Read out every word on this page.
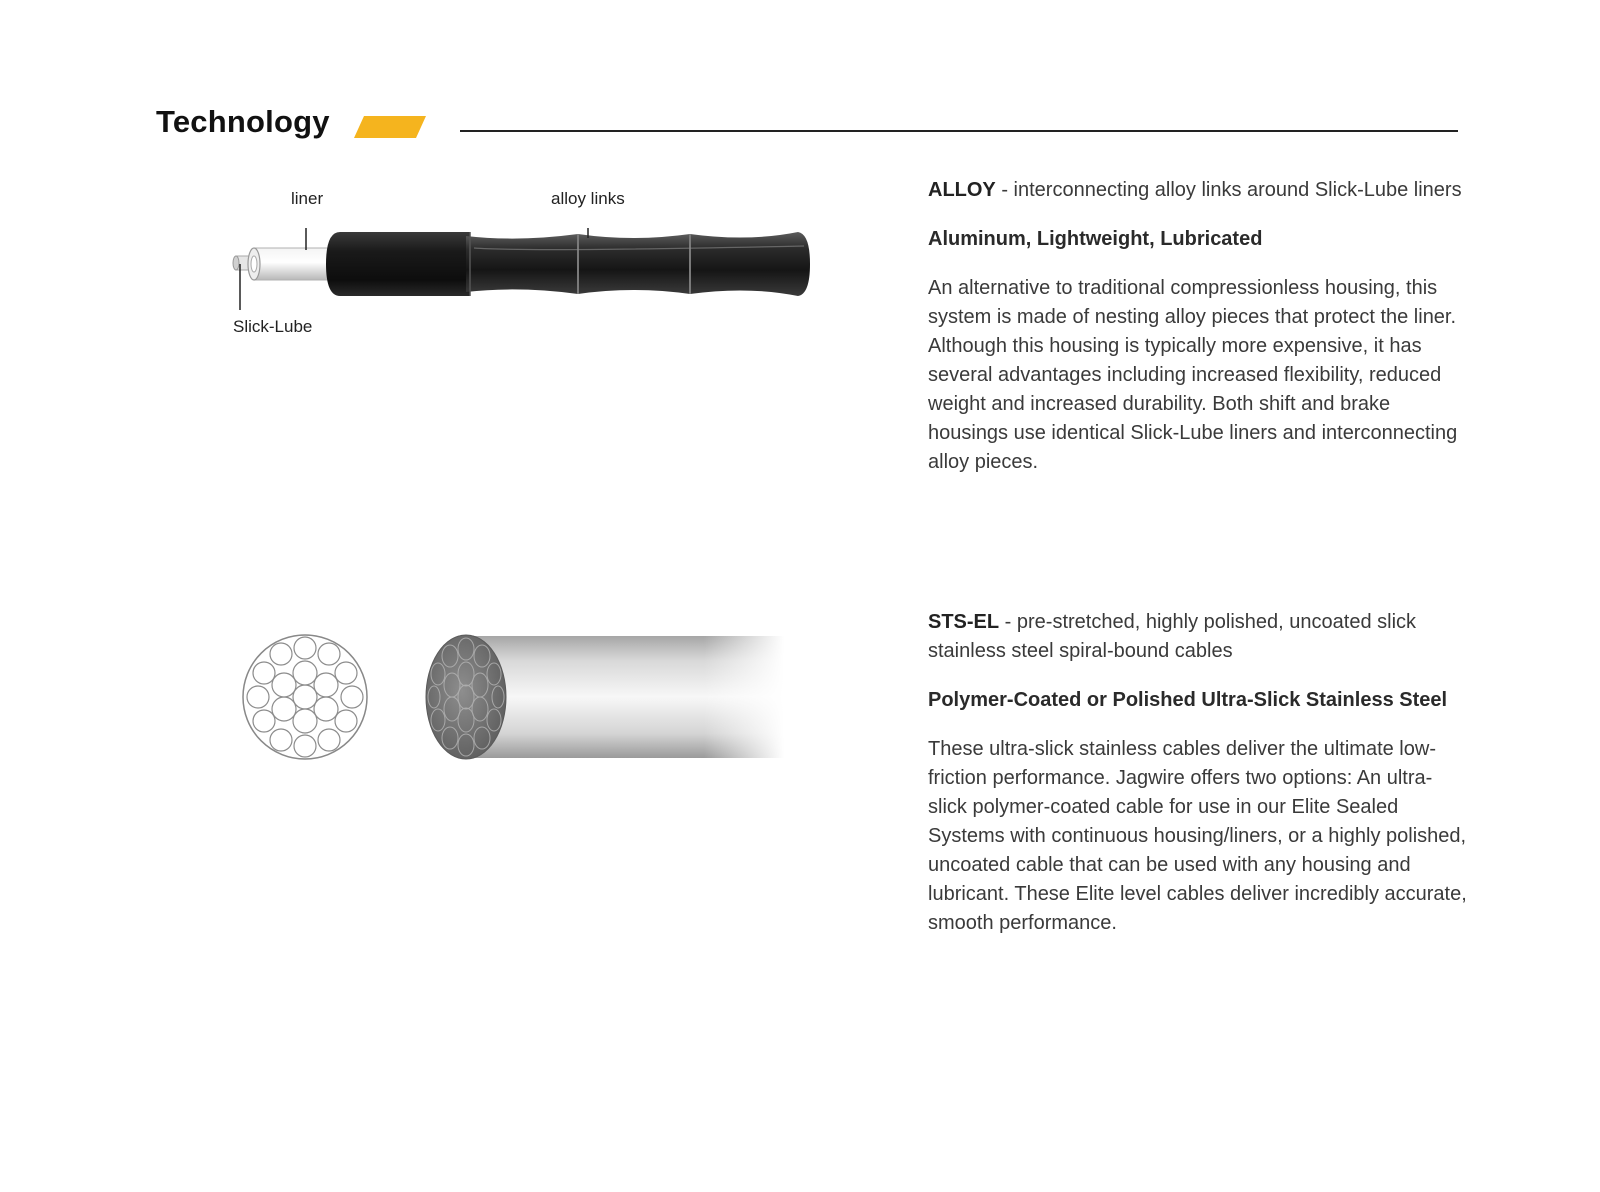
Technology
liner	alloy links
Slick-Lube

ALLOY - interconnecting alloy links around Slick-Lube liners

Aluminum, Lightweight, Lubricated

An alternative to traditional compressionless housing, this system is made of nesting alloy pieces that protect the liner. Although this housing is typically more expensive, it has several advantages including increased flexibility, reduced weight and increased durability. Both shift and brake housings use identical Slick-Lube liners and interconnecting alloy pieces.

STS-EL - pre-stretched, highly polished, uncoated slick stainless steel spiral-bound cables

Polymer-Coated or Polished Ultra-Slick Stainless Steel

These ultra-slick stainless cables deliver the ultimate low-friction performance. Jagwire offers two options: An ultra-slick polymer-coated cable for use in our Elite Sealed Systems with continuous housing/liners, or a highly polished, uncoated cable that can be used with any housing and lubricant. These Elite level cables deliver incredibly accurate, smooth performance.
